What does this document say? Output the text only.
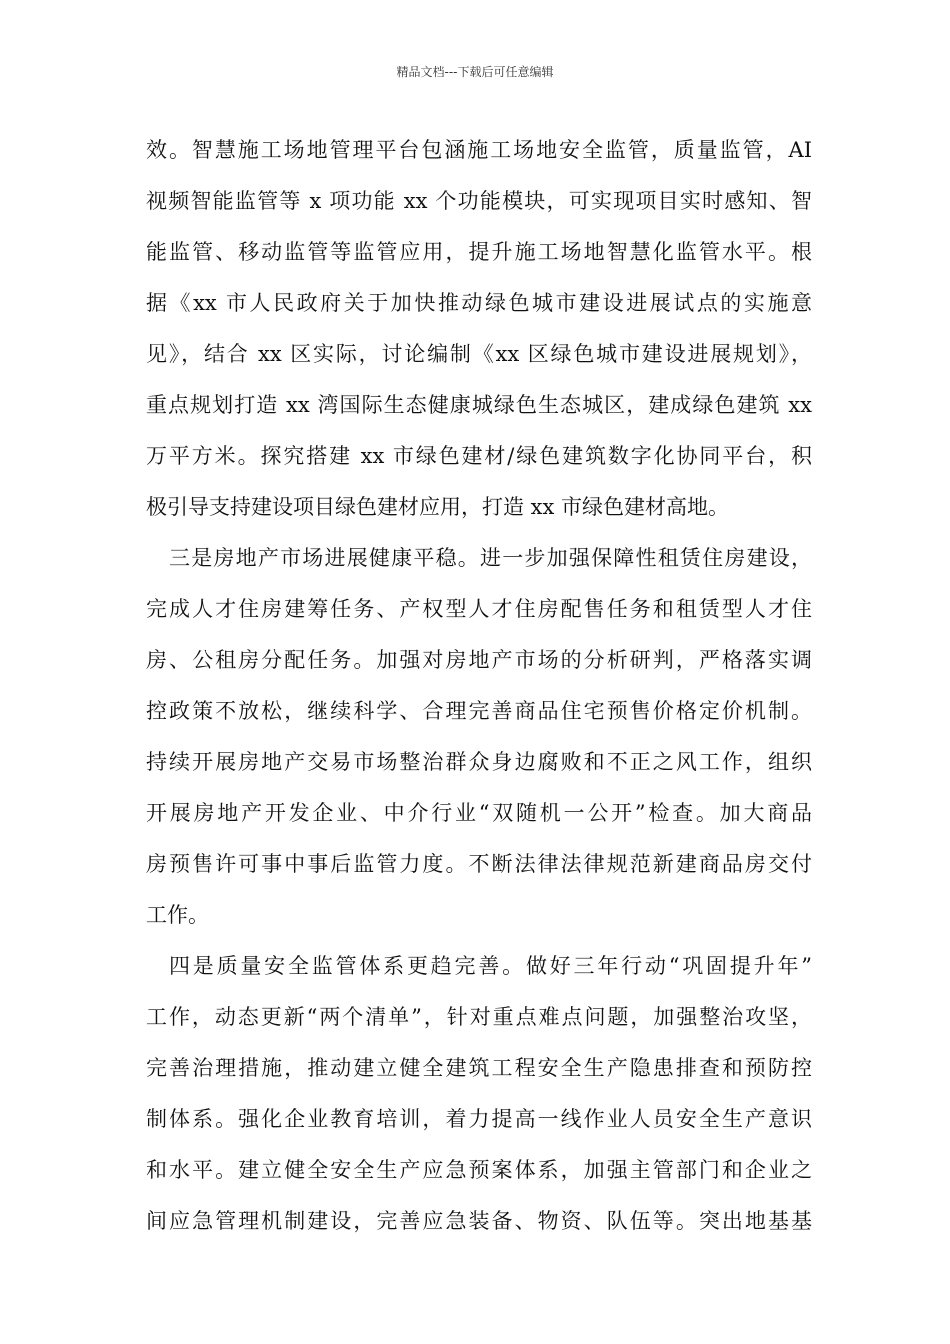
精品文档---下载后可任意编辑
效。智慧施工场地管理平台包涵施工场地安全监管，质量监管，AI
视频智能监管等 x 项功能 xx 个功能模块，可实现项目实时感知、智
能监管、移动监管等监管应用，提升施工场地智慧化监管水平。根
据《xx 市人民政府关于加快推动绿色城市建设进展试点的实施意
见》，结合 xx 区实际，讨论编制《xx 区绿色城市建设进展规划》，
重点规划打造 xx 湾国际生态健康城绿色生态城区，建成绿色建筑 xx
万平方米。探究搭建 xx 市绿色建材/绿色建筑数字化协同平台，积
极引导支持建设项目绿色建材应用，打造 xx 市绿色建材高地。
三是房地产市场进展健康平稳。进一步加强保障性租赁住房建设，
完成人才住房建筹任务、产权型人才住房配售任务和租赁型人才住
房、公租房分配任务。加强对房地产市场的分析研判，严格落实调
控政策不放松，继续科学、合理完善商品住宅预售价格定价机制。
持续开展房地产交易市场整治群众身边腐败和不正之风工作，组织
开展房地产开发企业、中介行业“双随机一公开”检查。加大商品
房预售许可事中事后监管力度。不断法律法律规范新建商品房交付
工作。
四是质量安全监管体系更趋完善。做好三年行动“巩固提升年”
工作，动态更新“两个清单”，针对重点难点问题，加强整治攻坚，
完善治理措施，推动建立健全建筑工程安全生产隐患排查和预防控
制体系。强化企业教育培训，着力提高一线作业人员安全生产意识
和水平。建立健全安全生产应急预案体系，加强主管部门和企业之
间应急管理机制建设，完善应急装备、物资、队伍等。突出地基基
